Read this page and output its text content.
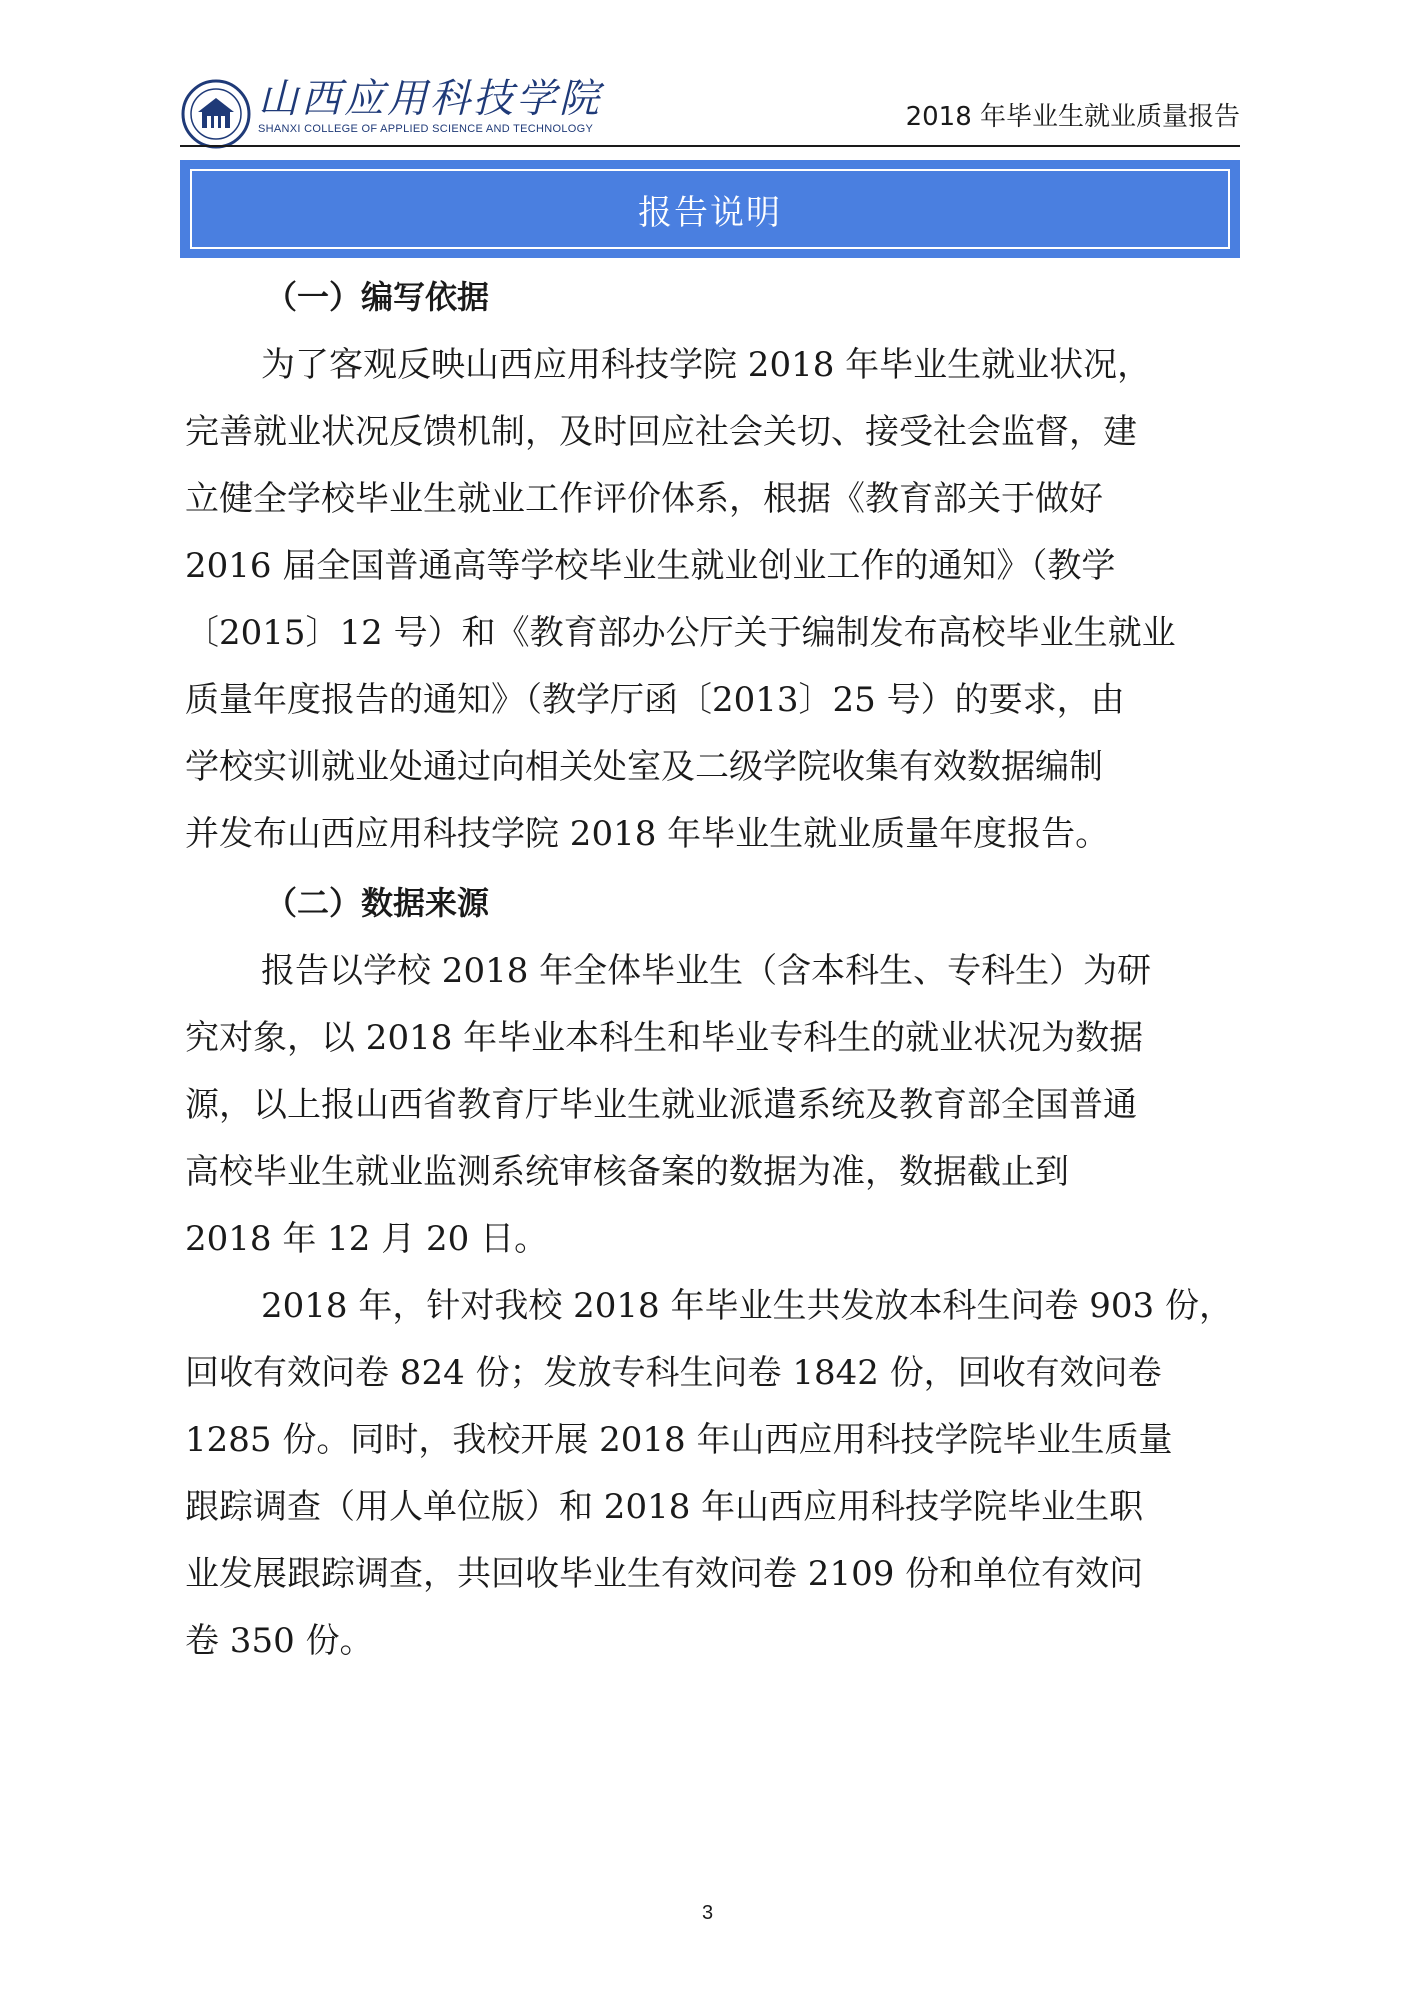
山西应用科技学院
SHANXI COLLEGE OF APPLIED SCIENCE AND TECHNOLOGY	2018 年毕业生就业质量报告
报告说明
（一）编写依据

为了客观反映山西应用科技学院 2018 年毕业生就业状况，
完善就业状况反馈机制，及时回应社会关切、接受社会监督，建
立健全学校毕业生就业工作评价体系，根据《教育部关于做好
2016 届全国普通高等学校毕业生就业创业工作的通知》（教学
〔2015〕12 号）和《教育部办公厅关于编制发布高校毕业生就业
质量年度报告的通知》（教学厅函〔2013〕25 号）的要求，由
学校实训就业处通过向相关处室及二级学院收集有效数据编制
并发布山西应用科技学院 2018 年毕业生就业质量年度报告。

（二）数据来源

报告以学校 2018 年全体毕业生（含本科生、专科生）为研
究对象，以 2018 年毕业本科生和毕业专科生的就业状况为数据
源，以上报山西省教育厅毕业生就业派遣系统及教育部全国普通
高校毕业生就业监测系统审核备案的数据为准，数据截止到
2018 年 12 月 20 日。

2018 年，针对我校 2018 年毕业生共发放本科生问卷 903 份，
回收有效问卷 824 份；发放专科生问卷 1842 份，回收有效问卷
1285 份。同时，我校开展 2018 年山西应用科技学院毕业生质量
跟踪调查（用人单位版）和 2018 年山西应用科技学院毕业生职
业发展跟踪调查，共回收毕业生有效问卷 2109 份和单位有效问
卷 350 份。

3
